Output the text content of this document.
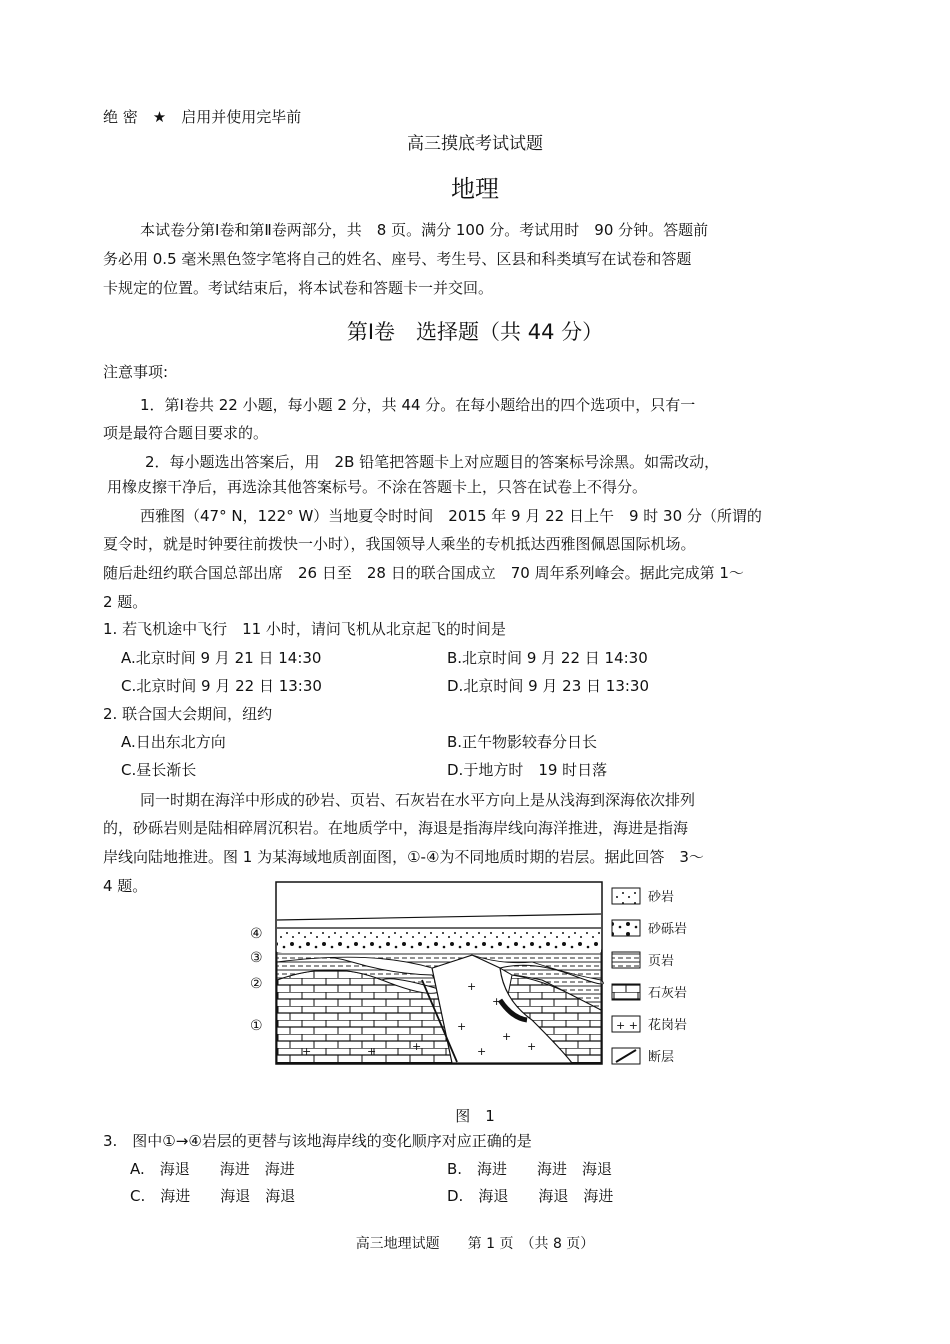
绝 密　★　启用并使用完毕前
高三摸底考试试题
地理
本试卷分第Ⅰ卷和第Ⅱ卷两部分，共　8 页。满分 100 分。考试用时　90 分钟。答题前
务必用 0.5 毫米黑色签字笔将自己的姓名、座号、考生号、区县和科类填写在试卷和答题
卡规定的位置。考试结束后，将本试卷和答题卡一并交回。
第Ⅰ卷　选择题（共 44 分）
注意事项:
1．第Ⅰ卷共 22 小题，每小题 2 分，共 44 分。在每小题给出的四个选项中，只有一
项是最符合题目要求的。
2．每小题选出答案后，用　2B 铅笔把答题卡上对应题目的答案标号涂黑。如需改动，
用橡皮擦干净后，再选涂其他答案标号。不涂在答题卡上，只答在试卷上不得分。
西雅图（47° N，122° W）当地夏令时时间　2015 年 9 月 22 日上午　9 时 30 分（所谓的
夏令时，就是时钟要往前拨快一小时），我国领导人乘坐的专机抵达西雅图佩恩国际机场。
随后赴纽约联合国总部出席　26 日至　28 日的联合国成立　70 周年系列峰会。据此完成第 1～
2 题。
1. 若飞机途中飞行　11 小时，请问飞机从北京起飞的时间是
A.北京时间 9 月 21 日 14:30	B.北京时间 9 月 22 日 14:30
C.北京时间 9 月 22 日 13:30	D.北京时间 9 月 23 日 13:30
2. 联合国大会期间，纽约
A.日出东北方向	B.正午物影较春分日长
C.昼长渐长	D.于地方时　19 时日落
同一时期在海洋中形成的砂岩、页岩、石灰岩在水平方向上是从浅海到深海依次排列
的，砂砾岩则是陆相碎屑沉积岩。在地质学中，海退是指海岸线向海洋推进，海进是指海
岸线向陆地推进。图 1 为某海域地质剖面图，①-④为不同地质时期的岩层。据此回答　3～
4 题。
+
+
+
+
+	+
+	+	+
④
③
②
①
砂岩
砂砾岩
页岩
石灰岩
+ + 花岗岩
断层
图　1
3.　图中①→④岩层的更替与该地海岸线的变化顺序对应正确的是
A.　海退　　海进　海进	B.　海进　　海进　海退
C.　海进　　海退　海退	D.　海退　　海退　海进
高三地理试题　　第 1 页　（共 8 页）
